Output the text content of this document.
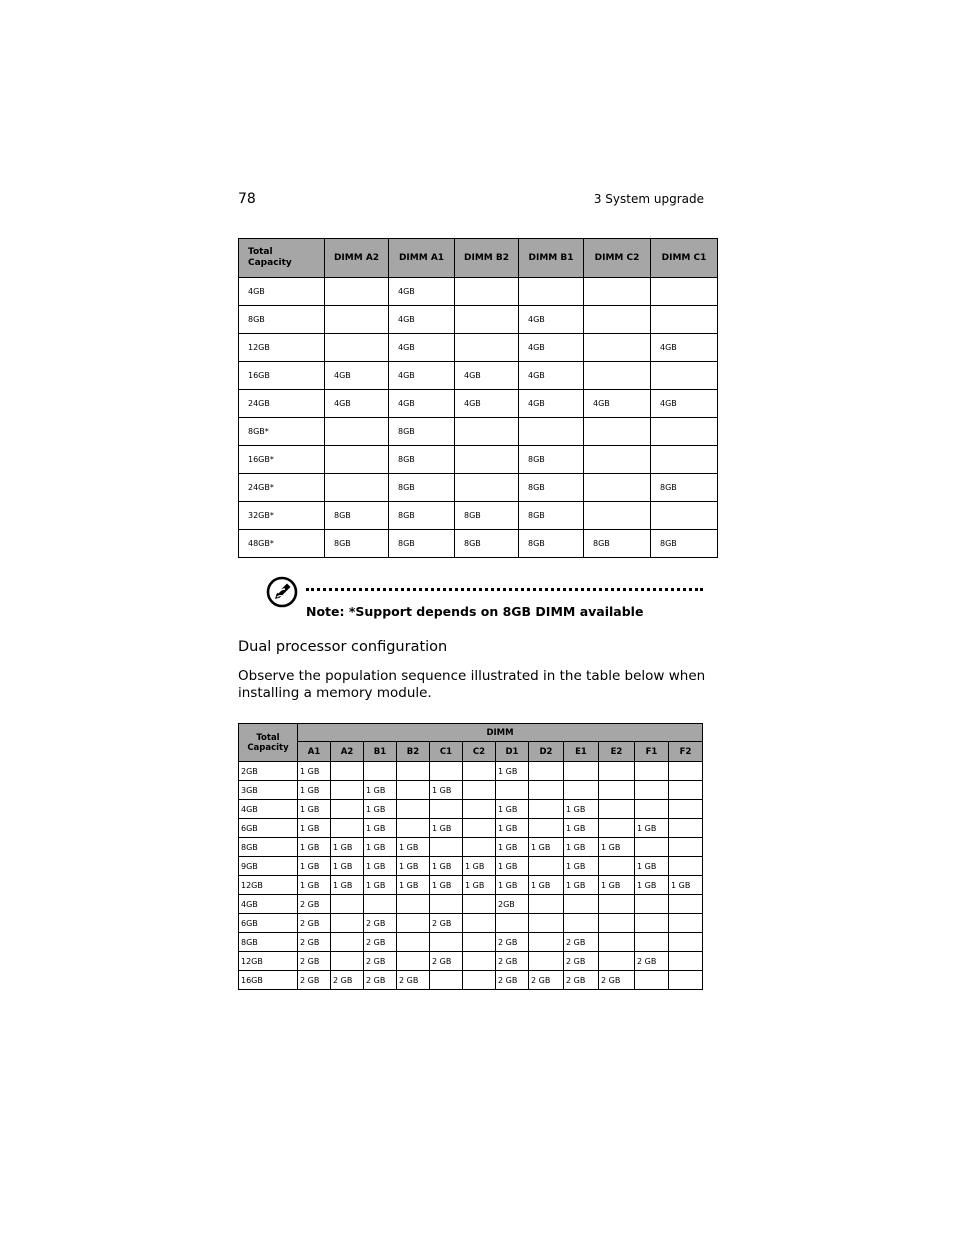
78	3 System upgrade
Total
Capacity	DIMM A2	DIMM A1	DIMM B2	DIMM B1	DIMM C2	DIMM C1
4GB		4GB				
8GB		4GB		4GB		
12GB		4GB		4GB		4GB
16GB	4GB	4GB	4GB	4GB		
24GB	4GB	4GB	4GB	4GB	4GB	4GB
8GB*		8GB				
16GB*		8GB		8GB		
24GB*		8GB		8GB		8GB
32GB*	8GB	8GB	8GB	8GB		
48GB*	8GB	8GB	8GB	8GB	8GB	8GB
Note: *Support depends on 8GB DIMM available
Dual processor configuration
Observe the population sequence illustrated in the table below when installing a memory module.
Total
Capacity	DIMM											
	A1	A2	B1	B2	C1	C2	D1	D2	E1	E2	F1	F2
2GB	1 GB						1 GB					
3GB	1 GB		1 GB		1 GB							
4GB	1 GB		1 GB				1 GB		1 GB			
6GB	1 GB		1 GB		1 GB		1 GB		1 GB		1 GB	
8GB	1 GB	1 GB	1 GB	1 GB			1 GB	1 GB	1 GB	1 GB		
9GB	1 GB	1 GB	1 GB	1 GB	1 GB	1 GB	1 GB		1 GB		1 GB	
12GB	1 GB	1 GB	1 GB	1 GB	1 GB	1 GB	1 GB	1 GB	1 GB	1 GB	1 GB	1 GB
4GB	2 GB						2GB					
6GB	2 GB		2 GB		2 GB							
8GB	2 GB		2 GB				2 GB		2 GB			
12GB	2 GB		2 GB		2 GB		2 GB		2 GB		2 GB	
16GB	2 GB	2 GB	2 GB	2 GB			2 GB	2 GB	2 GB	2 GB		
